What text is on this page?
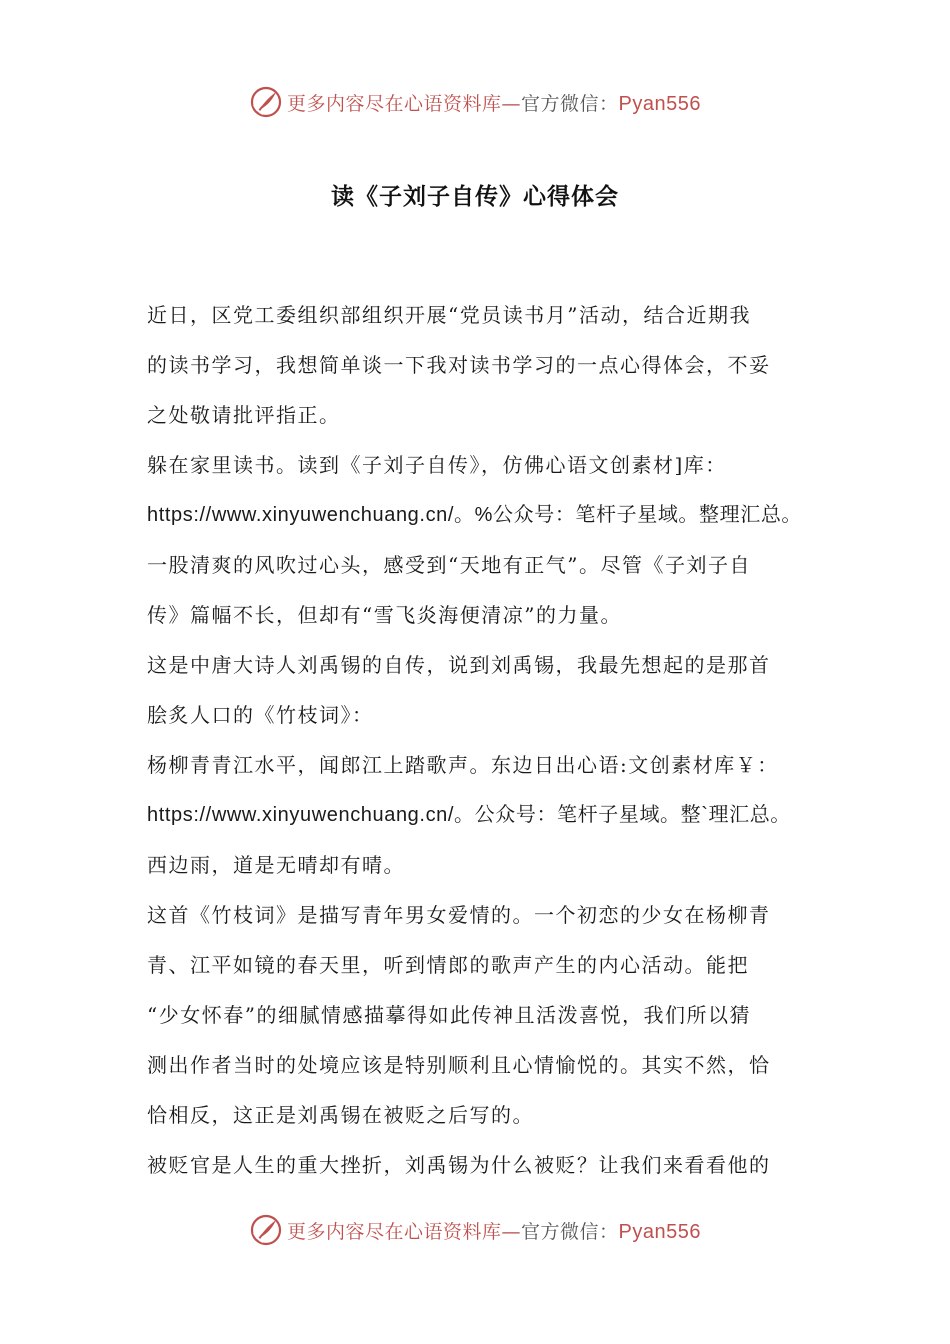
更多内容尽在心语资料库—官方微信：Pyan556
读《子刘子自传》心得体会
近日，区党工委组织部组织开展“党员读书月”活动，结合近期我
的读书学习，我想简单谈一下我对读书学习的一点心得体会，不妥
之处敬请批评指正。
躲在家里读书。读到《子刘子自传》，仿佛心语文创素材]库：
https://www.xinyuwenchuang.cn/。%公众号：笔杆子星域。整理汇总。
一股清爽的风吹过心头，感受到“天地有正气”。尽管《子刘子自
传》篇幅不长，但却有“雪飞炎海便清凉”的力量。
这是中唐大诗人刘禹锡的自传，说到刘禹锡，我最先想起的是那首
脍炙人口的《竹枝词》：
杨柳青青江水平，闻郎江上踏歌声。东边日出心语:文创素材库￥：
https://www.xinyuwenchuang.cn/。公众号：笔杆子星域。整`理汇总。
西边雨，道是无晴却有晴。
这首《竹枝词》是描写青年男女爱情的。一个初恋的少女在杨柳青
青、江平如镜的春天里，听到情郎的歌声产生的内心活动。能把
“少女怀春”的细腻情感描摹得如此传神且活泼喜悦，我们所以猜
测出作者当时的处境应该是特别顺利且心情愉悦的。其实不然，恰
恰相反，这正是刘禹锡在被贬之后写的。
被贬官是人生的重大挫折，刘禹锡为什么被贬？让我们来看看他的
更多内容尽在心语资料库—官方微信：Pyan556
